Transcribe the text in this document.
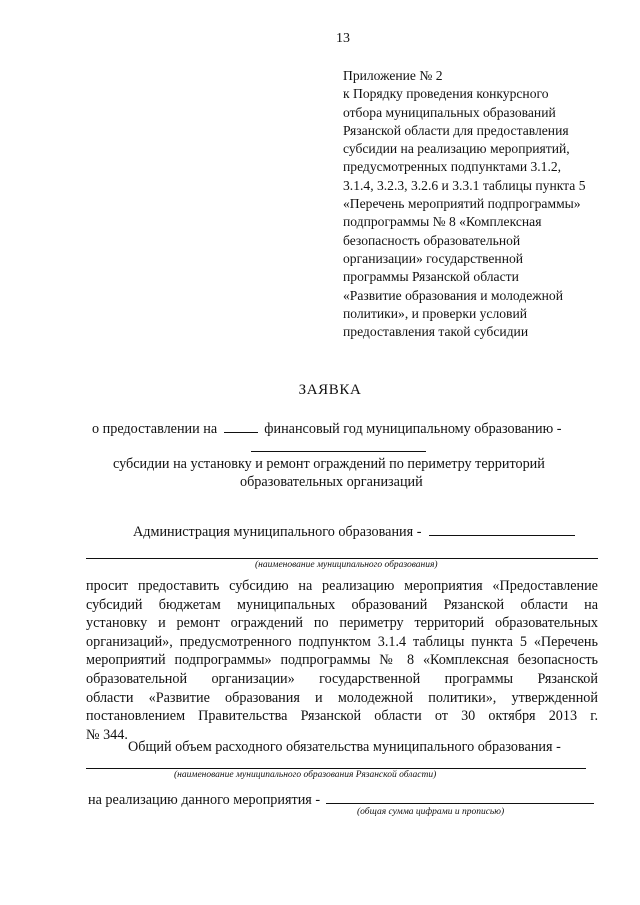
13
Приложение № 2
к Порядку проведения конкурсного
отбора муниципальных образований
Рязанской области для предоставления
субсидии на реализацию мероприятий,
предусмотренных подпунктами 3.1.2,
3.1.4, 3.2.3, 3.2.6 и 3.3.1 таблицы пункта 5
«Перечень мероприятий подпрограммы»
подпрограммы № 8 «Комплексная
безопасность образовательной
организации» государственной
программы Рязанской области
«Развитие образования и молодежной
политики», и проверки условий
предоставления такой субсидии
ЗАЯВКА
о предоставлении на	финансовый год муниципальному образованию -
субсидии на установку и ремонт ограждений по периметру территорий
образовательных организаций
Администрация муниципального образования -
(наименование муниципального образования)
просит предоставить субсидию на реализацию мероприятия «Предоставление
субсидий бюджетам муниципальных образований Рязанской области на
установку и ремонт ограждений по периметру территорий образовательных
организаций», предусмотренного подпунктом 3.1.4 таблицы пункта 5 «Перечень
мероприятий подпрограммы» подпрограммы № 8 «Комплексная безопасность
образовательной организации» государственной программы Рязанской
области «Развитие образования и молодежной политики», утвержденной
постановлением Правительства Рязанской области от 30 октября 2013 г.
№ 344.
Общий объем расходного обязательства муниципального образования -
(наименование муниципального образования Рязанской области)
на реализацию данного мероприятия -
(общая сумма цифрами и прописью)
